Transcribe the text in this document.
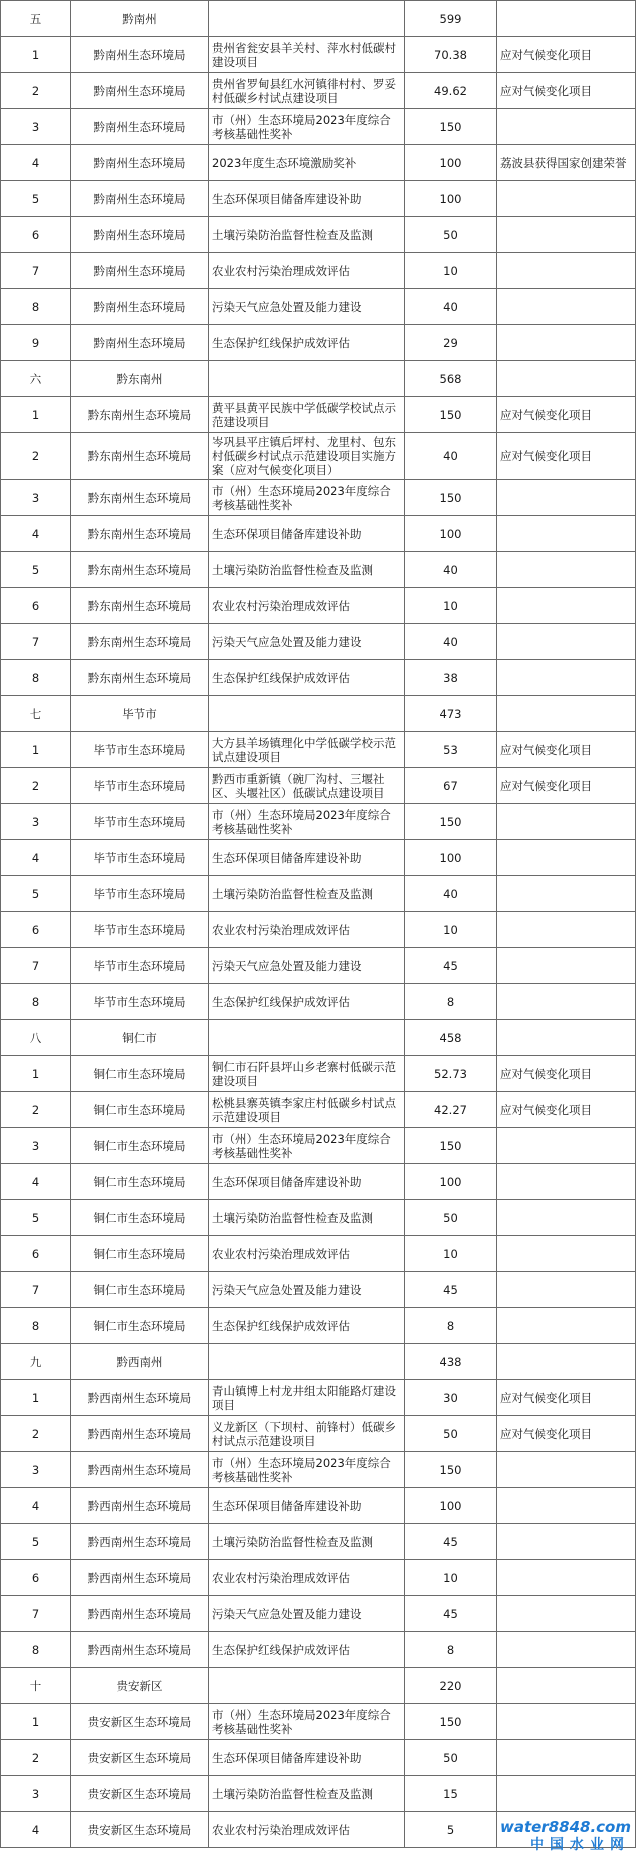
五	黔南州		599	
1	黔南州生态环境局	贵州省瓮安县羊关村、萍水村低碳村建设项目	70.38	应对气候变化项目
2	黔南州生态环境局	贵州省罗甸县红水河镇徘村村、罗妥村低碳乡村试点建设项目	49.62	应对气候变化项目
3	黔南州生态环境局	市（州）生态环境局2023年度综合考核基础性奖补	150	
4	黔南州生态环境局	2023年度生态环境激励奖补	100	荔波县获得国家创建荣誉
5	黔南州生态环境局	生态环保项目储备库建设补助	100	
6	黔南州生态环境局	土壤污染防治监督性检查及监测	50	
7	黔南州生态环境局	农业农村污染治理成效评估	10	
8	黔南州生态环境局	污染天气应急处置及能力建设	40	
9	黔南州生态环境局	生态保护红线保护成效评估	29	
六	黔东南州		568	
1	黔东南州生态环境局	黄平县黄平民族中学低碳学校试点示范建设项目	150	应对气候变化项目
2	黔东南州生态环境局	岑巩县平庄镇后坪村、龙里村、包东村低碳乡村试点示范建设项目实施方案（应对气候变化项目）	40	应对气候变化项目
3	黔东南州生态环境局	市（州）生态环境局2023年度综合考核基础性奖补	150	
4	黔东南州生态环境局	生态环保项目储备库建设补助	100	
5	黔东南州生态环境局	土壤污染防治监督性检查及监测	40	
6	黔东南州生态环境局	农业农村污染治理成效评估	10	
7	黔东南州生态环境局	污染天气应急处置及能力建设	40	
8	黔东南州生态环境局	生态保护红线保护成效评估	38	
七	毕节市		473	
1	毕节市生态环境局	大方县羊场镇理化中学低碳学校示范试点建设项目	53	应对气候变化项目
2	毕节市生态环境局	黔西市重新镇（碗厂沟村、三堰社区、头堰社区）低碳试点建设项目	67	应对气候变化项目
3	毕节市生态环境局	市（州）生态环境局2023年度综合考核基础性奖补	150	
4	毕节市生态环境局	生态环保项目储备库建设补助	100	
5	毕节市生态环境局	土壤污染防治监督性检查及监测	40	
6	毕节市生态环境局	农业农村污染治理成效评估	10	
7	毕节市生态环境局	污染天气应急处置及能力建设	45	
8	毕节市生态环境局	生态保护红线保护成效评估	8	
八	铜仁市		458	
1	铜仁市生态环境局	铜仁市石阡县坪山乡老寨村低碳示范建设项目	52.73	应对气候变化项目
2	铜仁市生态环境局	松桃县寨英镇李家庄村低碳乡村试点示范建设项目	42.27	应对气候变化项目
3	铜仁市生态环境局	市（州）生态环境局2023年度综合考核基础性奖补	150	
4	铜仁市生态环境局	生态环保项目储备库建设补助	100	
5	铜仁市生态环境局	土壤污染防治监督性检查及监测	50	
6	铜仁市生态环境局	农业农村污染治理成效评估	10	
7	铜仁市生态环境局	污染天气应急处置及能力建设	45	
8	铜仁市生态环境局	生态保护红线保护成效评估	8	
九	黔西南州		438	
1	黔西南州生态环境局	青山镇博上村龙井组太阳能路灯建设项目	30	应对气候变化项目
2	黔西南州生态环境局	义龙新区（下坝村、前锋村）低碳乡村试点示范建设项目	50	应对气候变化项目
3	黔西南州生态环境局	市（州）生态环境局2023年度综合考核基础性奖补	150	
4	黔西南州生态环境局	生态环保项目储备库建设补助	100	
5	黔西南州生态环境局	土壤污染防治监督性检查及监测	45	
6	黔西南州生态环境局	农业农村污染治理成效评估	10	
7	黔西南州生态环境局	污染天气应急处置及能力建设	45	
8	黔西南州生态环境局	生态保护红线保护成效评估	8	
十	贵安新区		220	
1	贵安新区生态环境局	市（州）生态环境局2023年度综合考核基础性奖补	150	
2	贵安新区生态环境局	生态环保项目储备库建设补助	50	
3	贵安新区生态环境局	土壤污染防治监督性检查及监测	15	
4	贵安新区生态环境局	农业农村污染治理成效评估	5		water8848.com
中国水业网
